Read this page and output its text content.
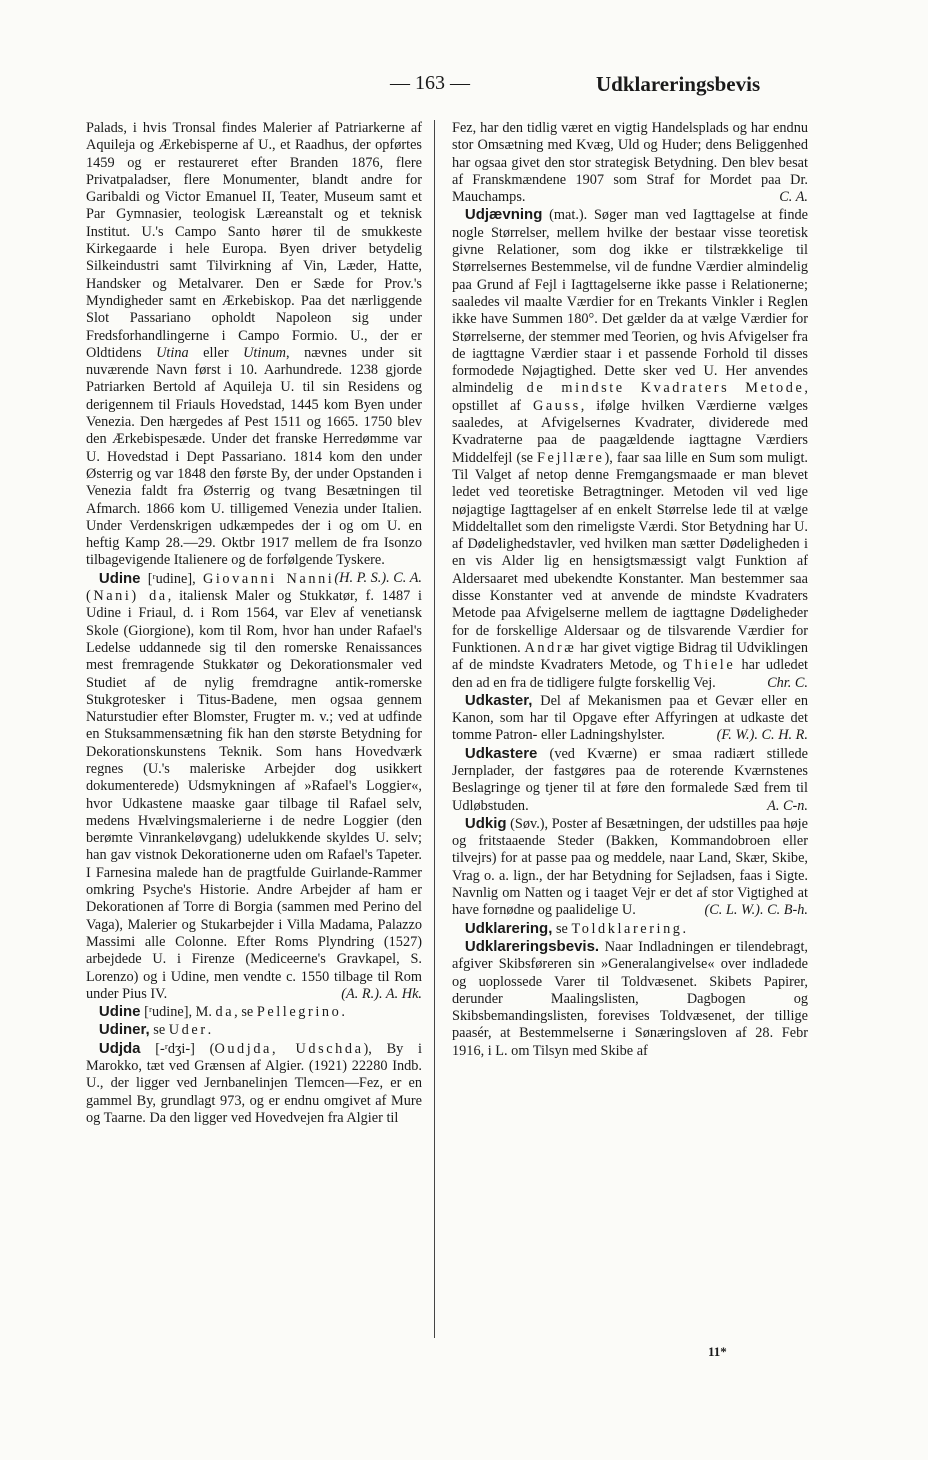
— 163 —	Udklareringsbevis

Palads, i hvis Tronsal findes Malerier af Patriarkerne af Aquileja og Ærkebisperne af U., et Raadhus, der opførtes 1459 og er restaureret efter Branden 1876, flere Privatpaladser, flere Monumenter, blandt andre for Garibaldi og Victor Emanuel II, Teater, Museum samt et Par Gymnasier, teologisk Læreanstalt og et teknisk Institut. U.'s Campo Santo hører til de smukkeste Kirkegaarde i hele Europa. Byen driver betydelig Silkeindustri samt Tilvirkning af Vin, Læder, Hatte, Handsker og Metalvarer. Den er Sæde for Prov.'s Myndigheder samt en Ærkebiskop. Paa det nærliggende Slot Passariano opholdt Napoleon sig under Fredsforhandlingerne i Campo Formio. U., der er Oldtidens Utina eller Utinum, nævnes under sit nuværende Navn først i 10. Aarhundrede. 1238 gjorde Patriarken Bertold af Aquileja U. til sin Residens og derigennem til Friauls Hovedstad, 1445 kom Byen under Venezia. Den hærgedes af Pest 1511 og 1665. 1750 blev den Ærkebispesæde. Under det franske Herredømme var U. Hovedstad i Dept Passariano. 1814 kom den under Østerrig og var 1848 den første By, der under Opstanden i Venezia faldt fra Østerrig og tvang Besætningen til Afmarch. 1866 kom U. tilligemed Venezia under Italien. Under Verdenskrigen udkæmpedes der i og om U. en heftig Kamp 28.—29. Oktbr 1917 mellem de fra Isonzo tilbagevigende Italienere og de forfølgende Tyskere.
(H. P. S.). C. A.

Udine [ʳudine], Giovanni Nanni (Nani) da, italiensk Maler og Stukkatør, f. 1487 i Udine i Friaul, d. i Rom 1564, var Elev af venetiansk Skole (Giorgione), kom til Rom, hvor han under Rafael's Ledelse uddannede sig til den romerske Renaissances mest fremragende Stukkatør og Dekorationsmaler ved Studiet af de nylig fremdragne antik-romerske Stukgrotesker i Titus-Badene, men ogsaa gennem Naturstudier efter Blomster, Frugter m. v.; ved at udfinde en Stuksammensætning fik han den største Betydning for Dekorationskunstens Teknik. Som hans Hovedværk regnes (U.'s maleriske Arbejder dog usikkert dokumenterede) Udsmykningen af »Rafael's Loggier«, hvor Udkastene maaske gaar tilbage til Rafael selv, medens Hvælvingsmalerierne i de nedre Loggier (den berømte Vinrankeløvgang) udelukkende skyldes U. selv; han gav vistnok Dekorationerne uden om Rafael's Tapeter. I Farnesina malede han de pragtfulde Guirlande-Rammer omkring Psyche's Historie. Andre Arbejder af ham er Dekorationen af Torre di Borgia (sammen med Perino del Vaga), Malerier og Stukarbejder i Villa Madama, Palazzo Massimi alle Colonne. Efter Roms Plyndring (1527) arbejdede U. i Firenze (Mediceerne's Gravkapel, S. Lorenzo) og i Udine, men vendte c. 1550 tilbage til Rom under Pius IV.	(A. R.). A. Hk.

Udine [ʳudine], M. da, se Pellegrino.

Udiner, se Uder.

Udjda [-ʳdʒi-] (Oudjda, Udschda), By i Marokko, tæt ved Grænsen af Algier. (1921) 22280 Indb. U., der ligger ved Jernbanelinjen Tlemcen—Fez, er en gammel By, grundlagt 973, og er endnu omgivet af Mure og Taarne. Da den ligger ved Hovedvejen fra Algier til

Fez, har den tidlig været en vigtig Handelsplads og har endnu stor Omsætning med Kvæg, Uld og Huder; dens Beliggenhed har ogsaa givet den stor strategisk Betydning. Den blev besat af Franskmændene 1907 som Straf for Mordet paa Dr. Mauchamps.	C. A.

Udjævning (mat.). Søger man ved Iagttagelse at finde nogle Størrelser, mellem hvilke der bestaar visse teoretisk givne Relationer, som dog ikke er tilstrækkelige til Størrelsernes Bestemmelse, vil de fundne Værdier almindelig paa Grund af Fejl i Iagttagelserne ikke passe i Relationerne; saaledes vil maalte Værdier for en Trekants Vinkler i Reglen ikke have Summen 180°. Det gælder da at vælge Værdier for Størrelserne, der stemmer med Teorien, og hvis Afvigelser fra de iagttagne Værdier staar i et passende Forhold til disses formodede Nøjagtighed. Dette sker ved U. Her anvendes almindelig de mindste Kvadraters Metode, opstillet af Gauss, ifølge hvilken Værdierne vælges saaledes, at Afvigelsernes Kvadrater, dividerede med Kvadraterne paa de paagældende iagttagne Værdiers Middelfejl (se Fejllære), faar saa lille en Sum som muligt. Til Valget af netop denne Fremgangsmaade er man blevet ledet ved teoretiske Betragtninger. Metoden vil ved lige nøjagtige Iagttagelser af en enkelt Størrelse lede til at vælge Middeltallet som den rimeligste Værdi. Stor Betydning har U. af Dødelighedstavler, ved hvilken man sætter Dødeligheden i en vis Alder lig en hensigtsmæssigt valgt Funktion af Aldersaaret med ubekendte Konstanter. Man bestemmer saa disse Konstanter ved at anvende de mindste Kvadraters Metode paa Afvigelserne mellem de iagttagne Dødeligheder for de forskellige Aldersaar og de tilsvarende Værdier for Funktionen. Andræ har givet vigtige Bidrag til Udviklingen af de mindste Kvadraters Metode, og Thiele har udledet den ad en fra de tidligere fulgte forskellig Vej.	Chr. C.

Udkaster, Del af Mekanismen paa et Gevær eller en Kanon, som har til Opgave efter Affyringen at udkaste det tomme Patron- eller Ladningshylster.	(F. W.). C. H. R.

Udkastere (ved Kværne) er smaa radiært stillede Jernplader, der fastgøres paa de roterende Kværnstenes Beslagringe og tjener til at føre den formalede Sæd frem til Udløbstuden.	A. C-n.

Udkig (Søv.), Poster af Besætningen, der udstilles paa høje og fritstaaende Steder (Bakken, Kommandobroen eller tilvejrs) for at passe paa og meddele, naar Land, Skær, Skibe, Vrag o. a. lign., der har Betydning for Sejladsen, faas i Sigte. Navnlig om Natten og i taaget Vejr er det af stor Vigtighed at have fornødne og paalidelige U.	(C. L. W.). C. B-h.

Udklarering, se Toldklarering.

Udklareringsbevis. Naar Indladningen er tilendebragt, afgiver Skibsføreren sin »Generalangivelse« over indladede og uoplossede Varer til Toldvæsenet. Skibets Papirer, derunder Maalingslisten, Dagbogen og Skibsbemandingslisten, forevises Toldvæsenet, der tillige paasér, at Bestemmelserne i Sønæringsloven af 28. Febr 1916, i L. om Tilsyn med Skibe af

11*
